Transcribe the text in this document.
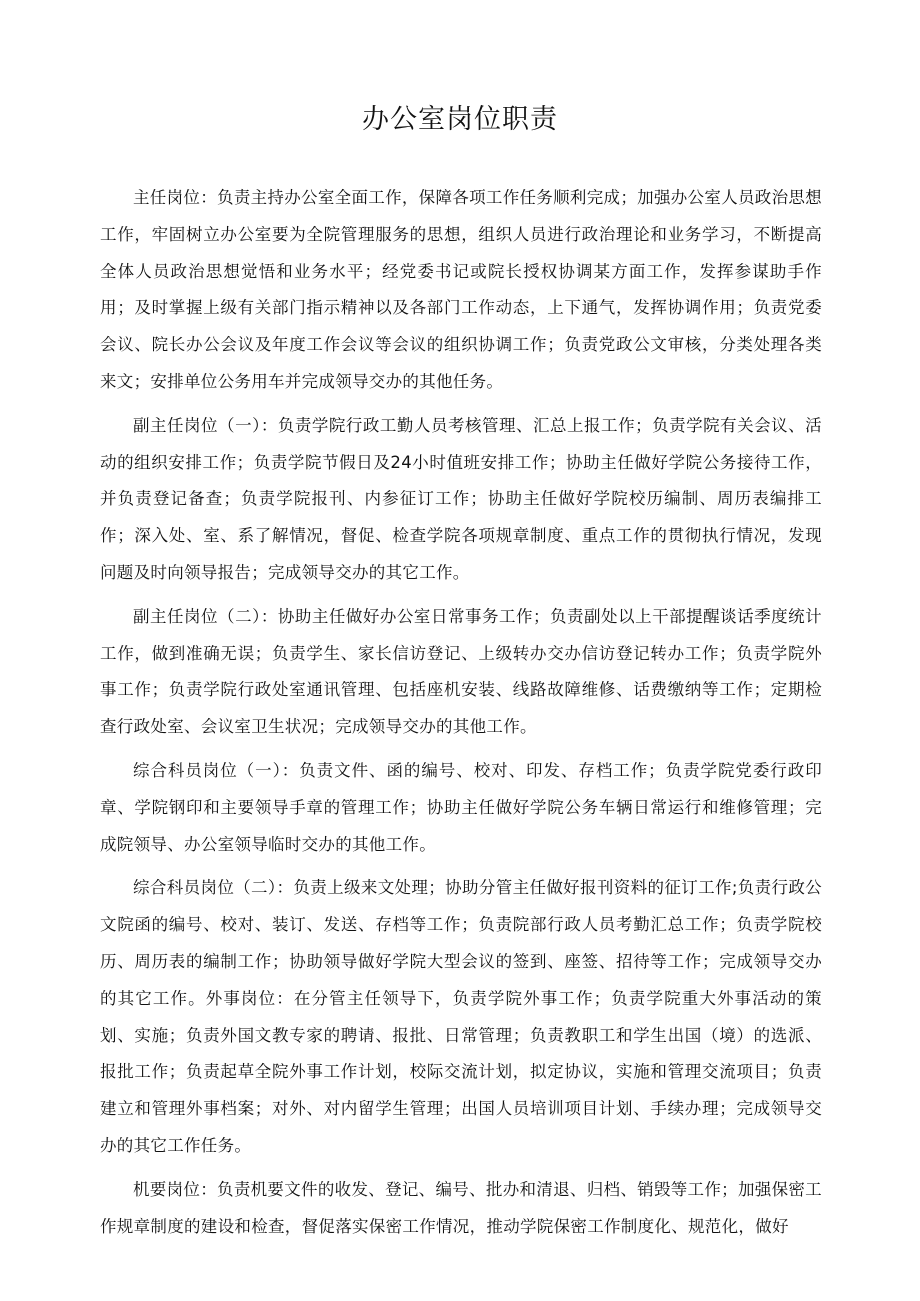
办公室岗位职责

主任岗位：负责主持办公室全面工作，保障各项工作任务顺利完成；加强办公室人员政治思想工作，牢固树立办公室要为全院管理服务的思想，组织人员进行政治理论和业务学习，不断提高全体人员政治思想觉悟和业务水平；经党委书记或院长授权协调某方面工作，发挥参谋助手作用；及时掌握上级有关部门指示精神以及各部门工作动态，上下通气，发挥协调作用；负责党委会议、院长办公会议及年度工作会议等会议的组织协调工作；负责党政公文审核，分类处理各类来文；安排单位公务用车并完成领导交办的其他任务。

副主任岗位（一）：负责学院行政工勤人员考核管理、汇总上报工作；负责学院有关会议、活动的组织安排工作；负责学院节假日及24小时值班安排工作；协助主任做好学院公务接待工作，并负责登记备查；负责学院报刊、内参征订工作；协助主任做好学院校历编制、周历表编排工作；深入处、室、系了解情况，督促、检查学院各项规章制度、重点工作的贯彻执行情况，发现问题及时向领导报告；完成领导交办的其它工作。

副主任岗位（二）：协助主任做好办公室日常事务工作；负责副处以上干部提醒谈话季度统计工作，做到准确无误；负责学生、家长信访登记、上级转办交办信访登记转办工作；负责学院外事工作；负责学院行政处室通讯管理、包括座机安装、线路故障维修、话费缴纳等工作；定期检查行政处室、会议室卫生状况；完成领导交办的其他工作。

综合科员岗位（一）：负责文件、函的编号、校对、印发、存档工作；负责学院党委行政印章、学院钢印和主要领导手章的管理工作；协助主任做好学院公务车辆日常运行和维修管理；完成院领导、办公室领导临时交办的其他工作。

综合科员岗位（二）：负责上级来文处理；协助分管主任做好报刊资料的征订工作;负责行政公文院函的编号、校对、装订、发送、存档等工作；负责院部行政人员考勤汇总工作；负责学院校历、周历表的编制工作；协助领导做好学院大型会议的签到、座签、招待等工作；完成领导交办的其它工作。外事岗位：在分管主任领导下，负责学院外事工作；负责学院重大外事活动的策划、实施；负责外国文教专家的聘请、报批、日常管理；负责教职工和学生出国（境）的选派、报批工作；负责起草全院外事工作计划，校际交流计划，拟定协议，实施和管理交流项目；负责建立和管理外事档案；对外、对内留学生管理；出国人员培训项目计划、手续办理；完成领导交办的其它工作任务。

机要岗位：负责机要文件的收发、登记、编号、批办和清退、归档、销毁等工作；加强保密工作规章制度的建设和检查，督促落实保密工作情况，推动学院保密工作制度化、规范化，做好
